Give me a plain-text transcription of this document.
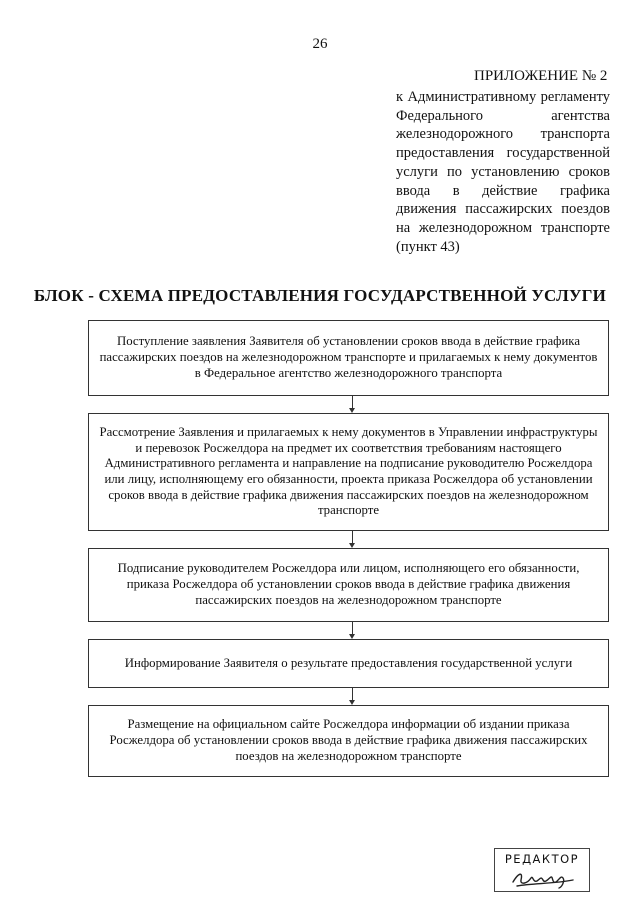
26
ПРИЛОЖЕНИЕ № 2
к Административному регламенту Федерального агентства железнодорожного транспорта предоставления государственной услуги по установлению сроков ввода в действие графика движения пассажирских поездов на железнодорожном транспорте (пункт 43)
БЛОК - СХЕМА ПРЕДОСТАВЛЕНИЯ ГОСУДАРСТВЕННОЙ УСЛУГИ
Поступление заявления Заявителя об установлении сроков ввода в действие графика пассажирских поездов на железнодорожном транспорте и прилагаемых к нему документов в Федеральное агентство железнодорожного транспорта
Рассмотрение Заявления и прилагаемых к нему документов в Управлении инфраструктуры и перевозок Росжелдора на предмет их соответствия требованиям настоящего Административного регламента и направление на подписание руководителю Росжелдора или лицу, исполняющему его обязанности, проекта приказа Росжелдора об установлении сроков ввода в действие графика движения пассажирских поездов на железнодорожном транспорте
Подписание руководителем Росжелдора или лицом, исполняющего его обязанности, приказа Росжелдора об установлении сроков ввода в действие графика движения пассажирских поездов на железнодорожном транспорте
Информирование Заявителя о результате предоставления государственной услуги
Размещение на официальном сайте Росжелдора информации об издании приказа Росжелдора об установлении сроков ввода в действие графика движения пассажирских поездов на железнодорожном транспорте
РЕДАКТОР
